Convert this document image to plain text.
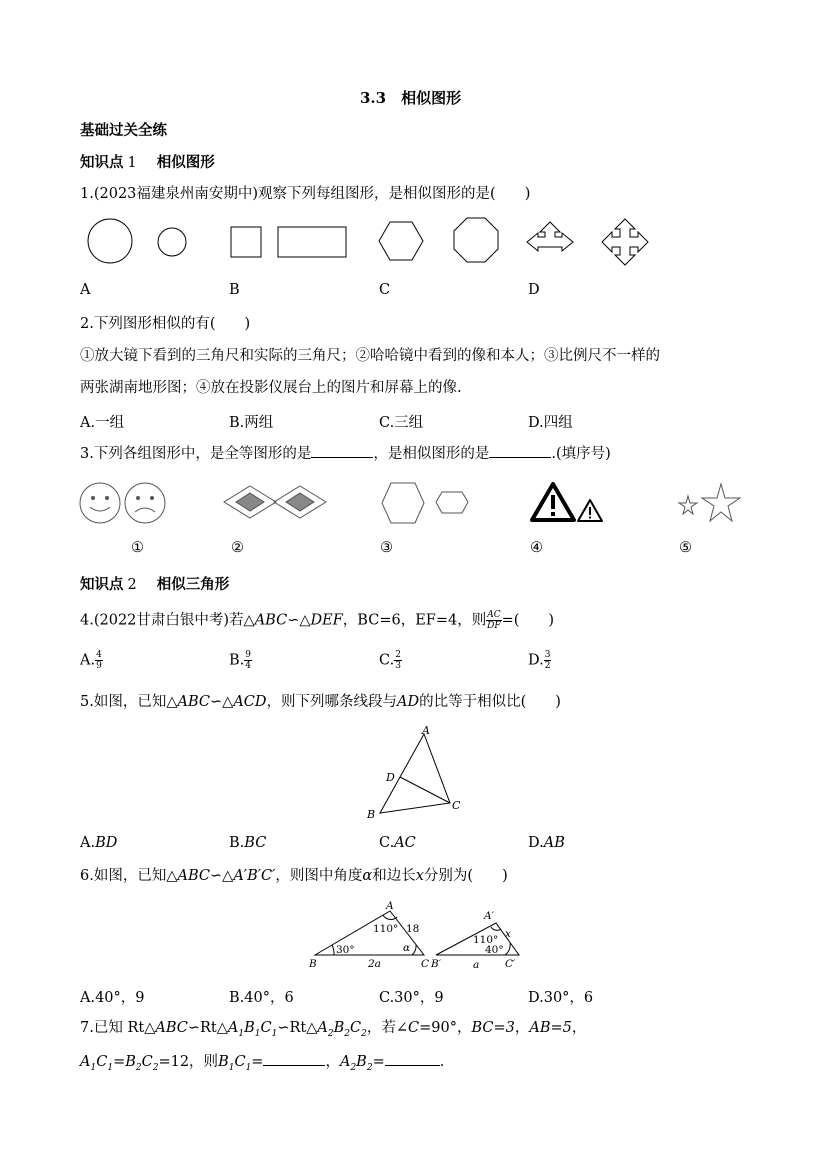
3.3　相似图形
基础过关全练
知识点 1 相似图形
1.(2023福建泉州南安期中)观察下列每组图形，是相似图形的是(　　)
A	B	C	D
2.下列图形相似的有(　　)
①放大镜下看到的三角尺和实际的三角尺；②哈哈镜中看到的像和本人；③比例尺不一样的
两张湖南地形图；④放在投影仪展台上的图片和屏幕上的像.
A.一组	B.两组	C.三组	D.四组
3.下列各组图形中，是全等图形的是	，是相似图形的是	.(填序号)
①	②	③	④	⑤
知识点 2 相似三角形
4.(2022甘肃白银中考)若△ABC∽△DEF，BC=6，EF=4，则 $\frac{AC}{DF}$ =(　　)
A. $\frac{4}{9}$	B. $\frac{9}{4}$	C. $\frac{2}{3}$	D. $\frac{3}{2}$
5.如图，已知△ABC∽△ACD，则下列哪条线段与AD的比等于相似比(　　)
A
B
C
D
A.BD	B.BC	C.AC	D.AB
6.如图，已知△ABC∽△A′B′C′，则图中角度α和边长x分别为(　　)
A
B	C
A′
B′	C′
110°
30°
18
α
2a
110°
40°
x
a
A.40°，9	B.40°，6	C.30°，9	D.30°，6
7.已知 $Rt\triangle ABC∽Rt\triangle A_1B_1C_1∽Rt\triangle A_2B_2C_2$，若∠C=90°，BC=3，AB=5，
$A_1C_1=B_2C_2=12$，则$B_1C_1=$	，$A_2B_2=$	.
